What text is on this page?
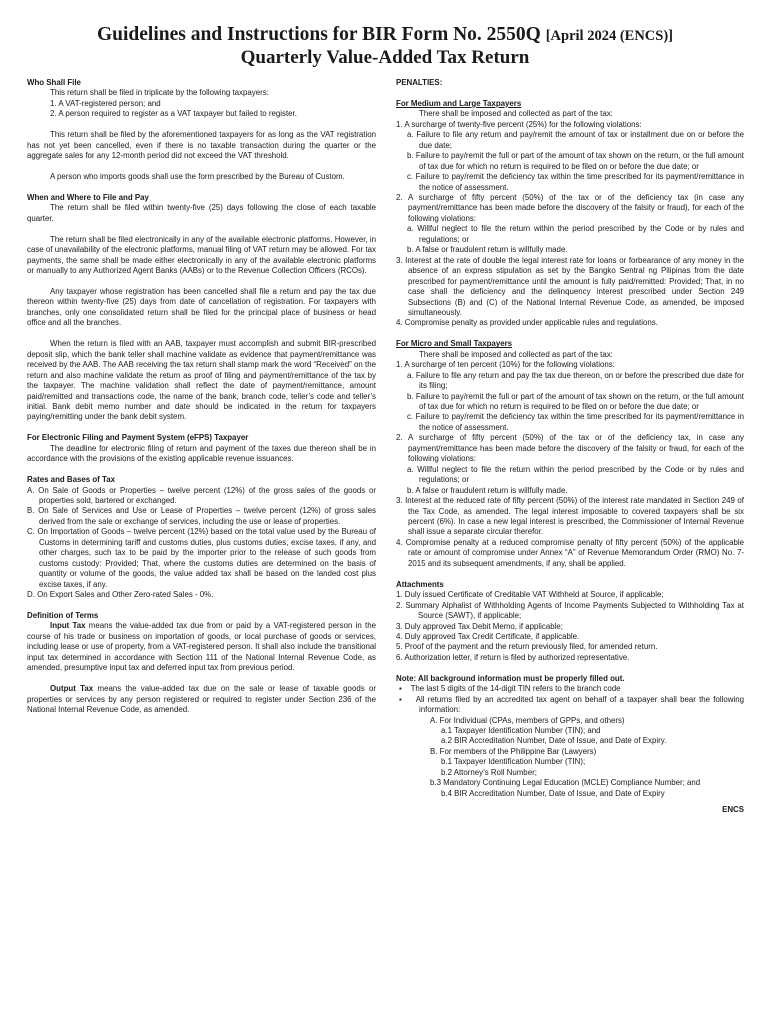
Guidelines and Instructions for BIR Form No. 2550Q [April 2024 (ENCS)]
Quarterly Value-Added Tax Return

Who Shall File

This return shall be filed in triplicate by the following taxpayers:

1. A VAT-registered person; and

2. A person required to register as a VAT taxpayer but failed to register.

This return shall be filed by the aforementioned taxpayers for as long as the VAT registration has not yet been cancelled, even if there is no taxable transaction during the quarter or the aggregate sales for any 12-month period did not exceed the VAT threshold.

A person who imports goods shall use the form prescribed by the Bureau of Custom.

When and Where to File and Pay

The return shall be filed within twenty-five (25) days following the close of each taxable quarter.

The return shall be filed electronically in any of the available electronic platforms. However, in case of unavailability of the electronic platforms, manual filing of VAT return may be allowed. For tax payments, the same shall be made either electronically in any of the available electronic platforms or manually to any Authorized Agent Banks (AABs) or to the Revenue Collection Officers (RCOs).

Any taxpayer whose registration has been cancelled shall file a return and pay the tax due thereon within twenty-five (25) days from date of cancellation of registration. For taxpayers with branches, only one consolidated return shall be filed for the principal place of business or head office and all the branches.

When the return is filed with an AAB, taxpayer must accomplish and submit BIR-prescribed deposit slip, which the bank teller shall machine validate as evidence that payment/remittance was received by the AAB. The AAB receiving the tax return shall stamp mark the word “Received” on the return and also machine validate the return as proof of filing and payment/remittance of the tax by the taxpayer. The machine validation shall reflect the date of payment/remittance, amount paid/remitted and transactions code, the name of the bank, branch code, teller’s code and teller’s initial. Bank debit memo number and date should be indicated in the return for taxpayers paying/remitting under the bank debit system.

For Electronic Filing and Payment System (eFPS) Taxpayer

The deadline for electronic filing of return and payment of the taxes due thereon shall be in accordance with the provisions of the existing applicable revenue issuances.

Rates and Bases of Tax

A. On Sale of Goods or Properties – twelve percent (12%) of the gross sales of the goods or properties sold, bartered or exchanged.

B. On Sale of Services and Use or Lease of Properties – twelve percent (12%) of gross sales derived from the sale or exchange of services, including the use or lease of properties.

C. On Importation of Goods – twelve percent (12%) based on the total value used by the Bureau of Customs in determining tariff and customs duties, plus customs duties, excise taxes, if any, and other charges, such tax to be paid by the importer prior to the release of such goods from customs custody: Provided; That, where the customs duties are determined on the basis of quantity or volume of the goods, the value added tax shall be based on the landed cost plus excise taxes, if any.

D. On Export Sales and Other Zero-rated Sales - 0%.

Definition of Terms

Input Tax means the value-added tax due from or paid by a VAT-registered person in the course of his trade or business on importation of goods, or local purchase of goods or services, including lease or use of property, from a VAT-registered person. It shall also include the transitional input tax determined in accordance with Section 111 of the National Internal Revenue Code, as amended, presumptive input tax and deferred input tax from previous period.

Output Tax means the value-added tax due on the sale or lease of taxable goods or properties or services by any person registered or required to register under Section 236 of the National Internal Revenue Code, as amended.

PENALTIES:

For Medium and Large Taxpayers

There shall be imposed and collected as part of the tax:

1. A surcharge of twenty-five percent (25%) for the following violations:

a. Failure to file any return and pay/remit the amount of tax or installment due on or before the due date;

b. Failure to pay/remit the full or part of the amount of tax shown on the return, or the full amount of tax due for which no return is required to be filed on or before the due date; or

c. Failure to pay/remit the deficiency tax within the time prescribed for its payment/remittance in the notice of assessment.

2. A surcharge of fifty percent (50%) of the tax or of the deficiency tax (in case any payment/remittance has been made before the discovery of the falsity or fraud), for each of the following violations:

a. Willful neglect to file the return within the period prescribed by the Code or by rules and regulations; or

b. A false or fraudulent return is willfully made.

3. Interest at the rate of double the legal interest rate for loans or forbearance of any money in the absence of an express stipulation as set by the Bangko Sentral ng Pilipinas from the date prescribed for payment/remittance until the amount is fully paid/remitted: Provided; That, in no case shall the deficiency and the delinquency interest prescribed under Section 249 Subsections (B) and (C) of the National Internal Revenue Code, as amended, be imposed simultaneously.

4. Compromise penalty as provided under applicable rules and regulations.

For Micro and Small Taxpayers

There shall be imposed and collected as part of the tax:

1. A surcharge of ten percent (10%) for the following violations:

a. Failure to file any return and pay the tax due thereon, on or before the prescribed due date for its filing;

b. Failure to pay/remit the full or part of the amount of tax shown on the return, or the full amount of tax due for which no return is required to be filed on or before the due date; or

c. Failure to pay/remit the deficiency tax within the time prescribed for its payment/remittance in the notice of assessment.

2. A surcharge of fifty percent (50%) of the tax or of the deficiency tax, in case any payment/remittance has been made before the discovery of the falsity or fraud, for each of the following violations:

a. Willful neglect to file the return within the period prescribed by the Code or by rules and regulations; or

b. A false or fraudulent return is willfully made.

3. Interest at the reduced rate of fifty percent (50%) of the interest rate mandated in Section 249 of the Tax Code, as amended. The legal interest imposable to covered taxpayers shall be six percent (6%). In case a new legal interest is prescribed, the Commissioner of Internal Revenue shall issue a separate circular therefor.

4. Compromise penalty at a reduced compromise penalty of fifty percent (50%) of the applicable rate or amount of compromise under Annex “A” of Revenue Memorandum Order (RMO) No. 7-2015 and its subsequent amendments, if any, shall be applied.

Attachments

1. Duly issued Certificate of Creditable VAT Withheld at Source, if applicable;

2. Summary Alphalist of Withholding Agents of Income Payments Subjected to Withholding Tax at Source (SAWT), if applicable;

3. Duly approved Tax Debit Memo, if applicable;

4. Duly approved Tax Credit Certificate, if applicable.

5. Proof of the payment and the return previously filed, for amended return.

6. Authorization letter, if return is filed by authorized representative.

Note: All background information must be properly filled out.

▪ The last 5 digits of the 14-digit TIN refers to the branch code

▪ All returns filed by an accredited tax agent on behalf of a taxpayer shall bear the following information:

A. For Individual (CPAs, members of GPPs, and others)

a.1 Taxpayer Identification Number (TIN); and

a.2 BIR Accreditation Number, Date of Issue, and Date of Expiry.

B. For members of the Philippine Bar (Lawyers)

b.1 Taxpayer Identification Number (TIN);

b.2 Attorney’s Roll Number;

b.3 Mandatory Continuing Legal Education (MCLE) Compliance Number; and

b.4 BIR Accreditation Number, Date of Issue, and Date of Expiry

ENCS
